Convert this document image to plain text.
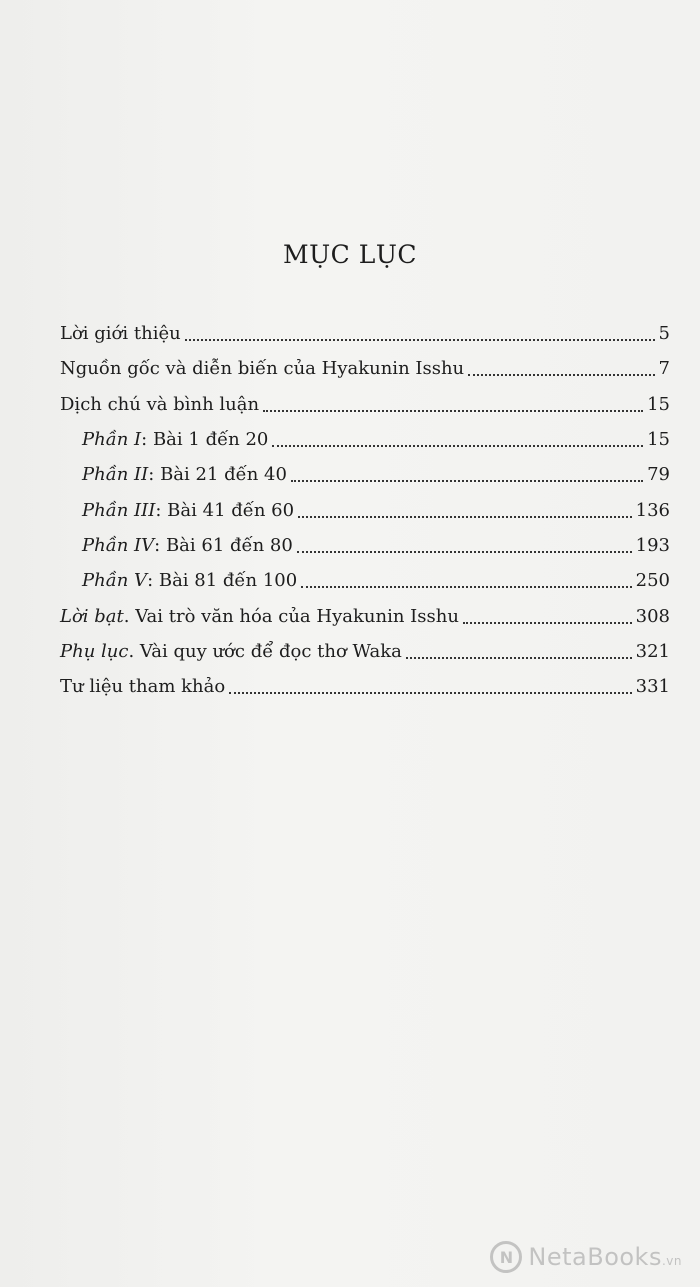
MỤC LỤC
Lời giới thiệu	5
Nguồn gốc và diễn biến của Hyakunin Isshu	7
Dịch chú và bình luận	15
Phần I: Bài 1 đến 20	15
Phần II: Bài 21 đến 40	79
Phần III: Bài 41 đến 60	136
Phần IV: Bài 61 đến 80	193
Phần V: Bài 81 đến 100	250
Lời bạt. Vai trò văn hóa của Hyakunin Isshu	308
Phụ lục. Vài quy ước để đọc thơ Waka	321
Tư liệu tham khảo	331
N NetaBooks.vn
